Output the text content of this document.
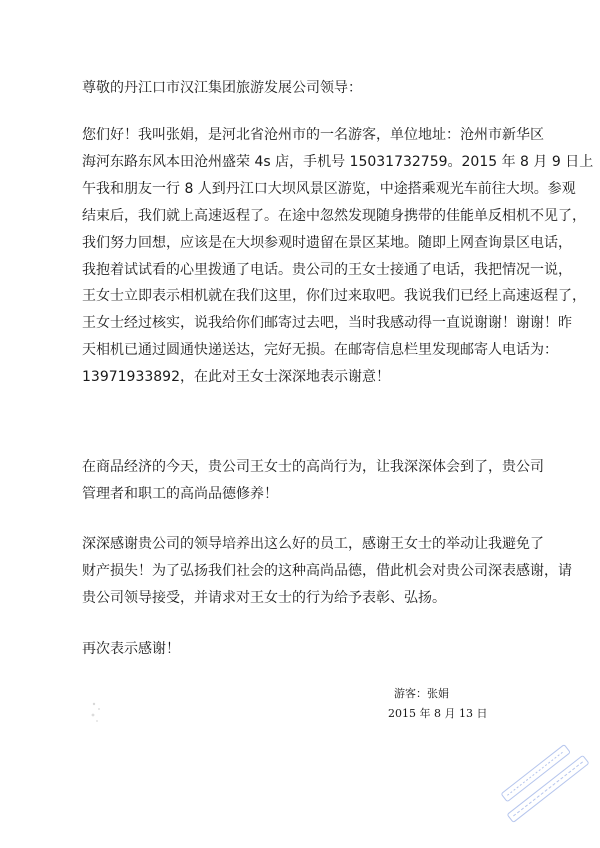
尊敬的丹江口市汉江集团旅游发展公司领导：
您们好！我叫张娟，是河北省沧州市的一名游客，单位地址：沧州市新华区
海河东路东风本田沧州盛荣 4s 店，手机号 15031732759。2015 年 8 月 9 日上
午我和朋友一行 8 人到丹江口大坝风景区游览，中途搭乘观光车前往大坝。参观
结束后，我们就上高速返程了。在途中忽然发现随身携带的佳能单反相机不见了，
我们努力回想，应该是在大坝参观时遗留在景区某地。随即上网查询景区电话，
我抱着试试看的心里拨通了电话。贵公司的王女士接通了电话，我把情况一说，
王女士立即表示相机就在我们这里，你们过来取吧。我说我们已经上高速返程了，
王女士经过核实，说我给你们邮寄过去吧，当时我感动得一直说谢谢！谢谢！昨
天相机已通过圆通快递送达，完好无损。在邮寄信息栏里发现邮寄人电话为：
13971933892，在此对王女士深深地表示谢意！
在商品经济的今天，贵公司王女士的高尚行为，让我深深体会到了，贵公司
管理者和职工的高尚品德修养！
深深感谢贵公司的领导培养出这么好的员工，感谢王女士的举动让我避免了
财产损失！为了弘扬我们社会的这种高尚品德，借此机会对贵公司深表感谢，请
贵公司领导接受，并请求对王女士的行为给予表彰、弘扬。
再次表示感谢！
游客：张娟
2015 年 8 月 13 日
